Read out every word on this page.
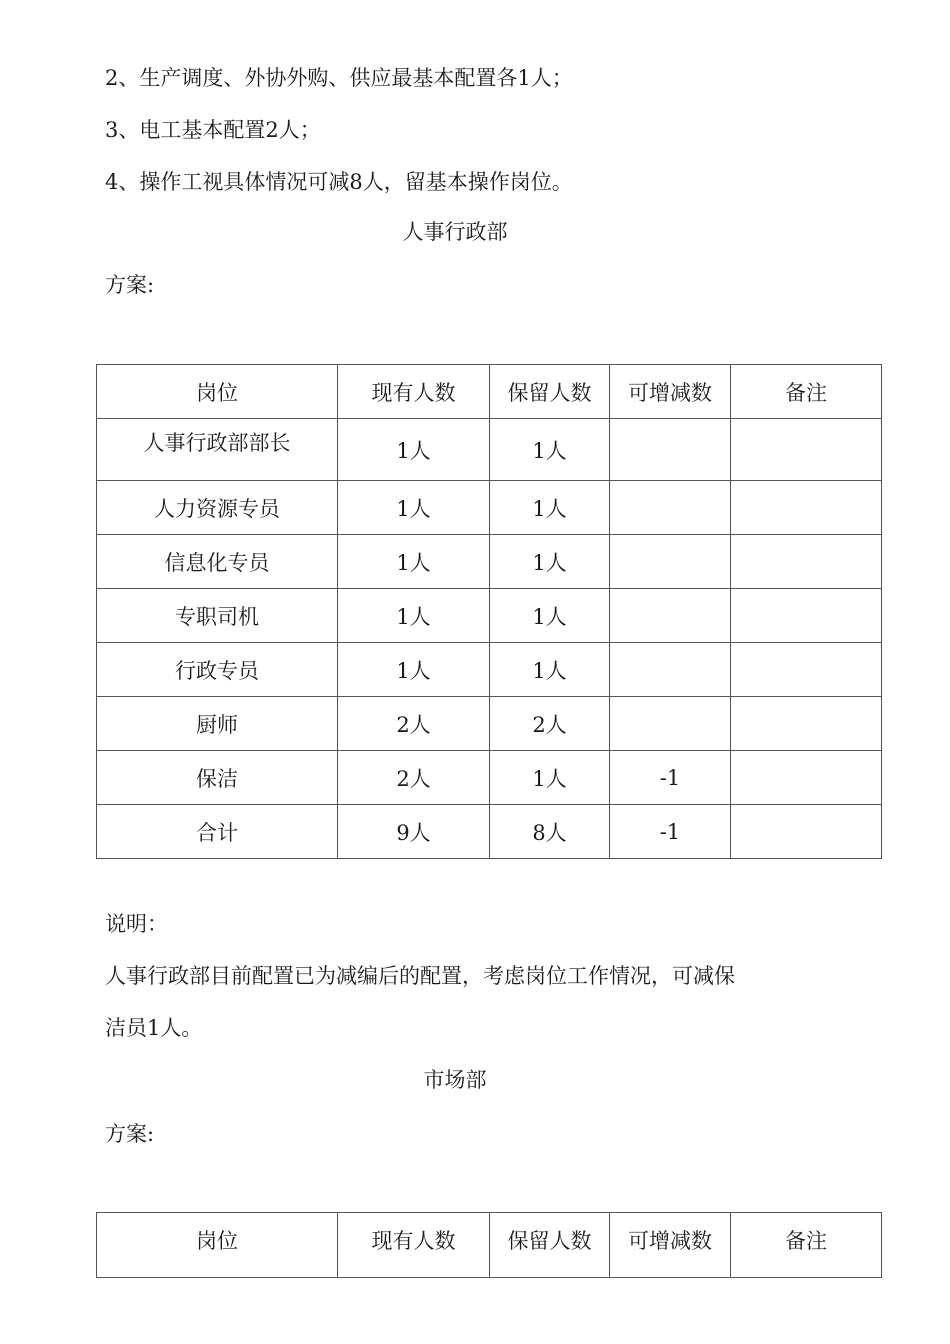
2、生产调度、外协外购、供应最基本配置各1人；
3、电工基本配置2人；
4、操作工视具体情况可减8人，留基本操作岗位。
人事行政部
方案:
岗位	现有人数	保留人数	可增减数	备注
人事行政部部长	1人	1人		
人力资源专员	1人	1人		
信息化专员	1人	1人		
专职司机	1人	1人		
行政专员	1人	1人		
厨师	2人	2人		
保洁	2人	1人	-1	
合计	9人	8人	-1	
说明：
人事行政部目前配置已为减编后的配置，考虑岗位工作情况，可减保
洁员1人。
市场部
方案:
岗位	现有人数	保留人数	可增减数	备注
